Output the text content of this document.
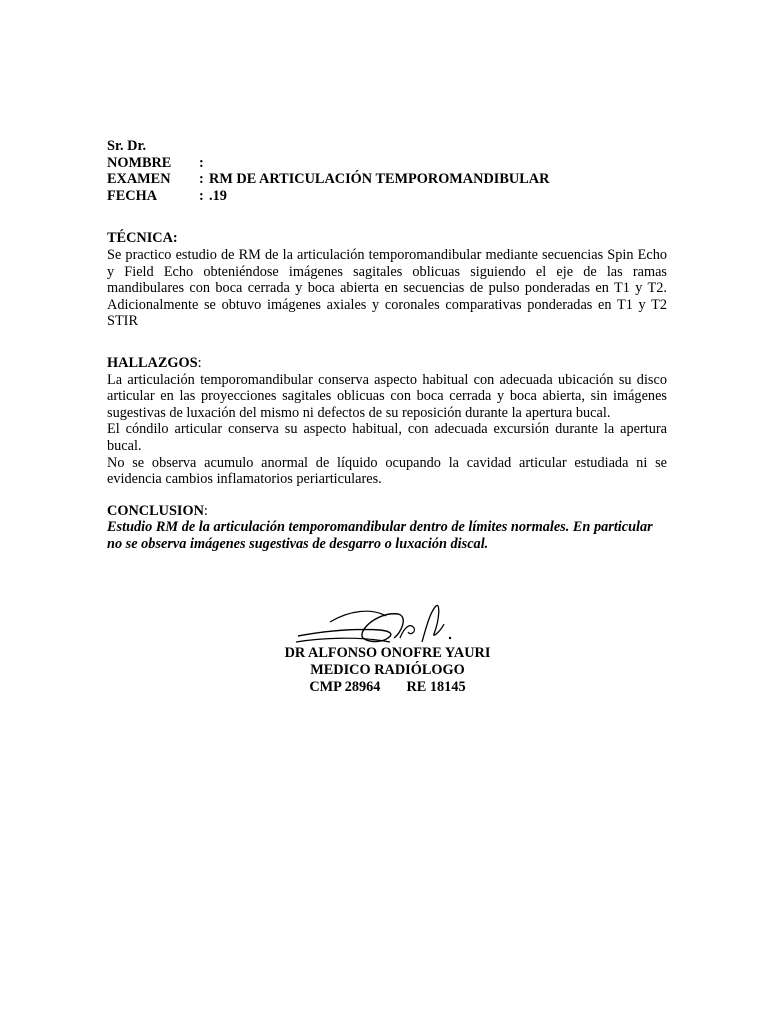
Sr. Dr.
NOMBRE	:
EXAMEN	: RM DE ARTICULACIÓN TEMPOROMANDIBULAR
FECHA	: .19
TÉCNICA:

Se practico estudio de RM de la articulación temporomandibular mediante secuencias Spin Echo y Field Echo obteniéndose imágenes sagitales oblicuas siguiendo el eje de las ramas mandibulares con boca cerrada y boca abierta en secuencias de pulso ponderadas en T1 y T2. Adicionalmente se obtuvo imágenes axiales y coronales comparativas ponderadas en T1 y T2 STIR

HALLAZGOS:

La articulación temporomandibular conserva aspecto habitual con adecuada ubicación su disco articular en las proyecciones sagitales oblicuas con boca cerrada y boca abierta, sin imágenes sugestivas de luxación del mismo ni defectos de su reposición durante la apertura bucal.

El cóndilo articular conserva su aspecto habitual, con adecuada excursión durante la apertura bucal.

No se observa acumulo anormal de líquido ocupando la cavidad articular estudiada ni se evidencia cambios inflamatorios periarticulares.

CONCLUSION:

Estudio RM de la articulación temporomandibular dentro de límites normales. En particular no se observa imágenes sugestivas de desgarro o luxación discal.

DR ALFONSO ONOFRE YAURI
MEDICO RADIÓLOGO
CMP 28964 RE 18145
